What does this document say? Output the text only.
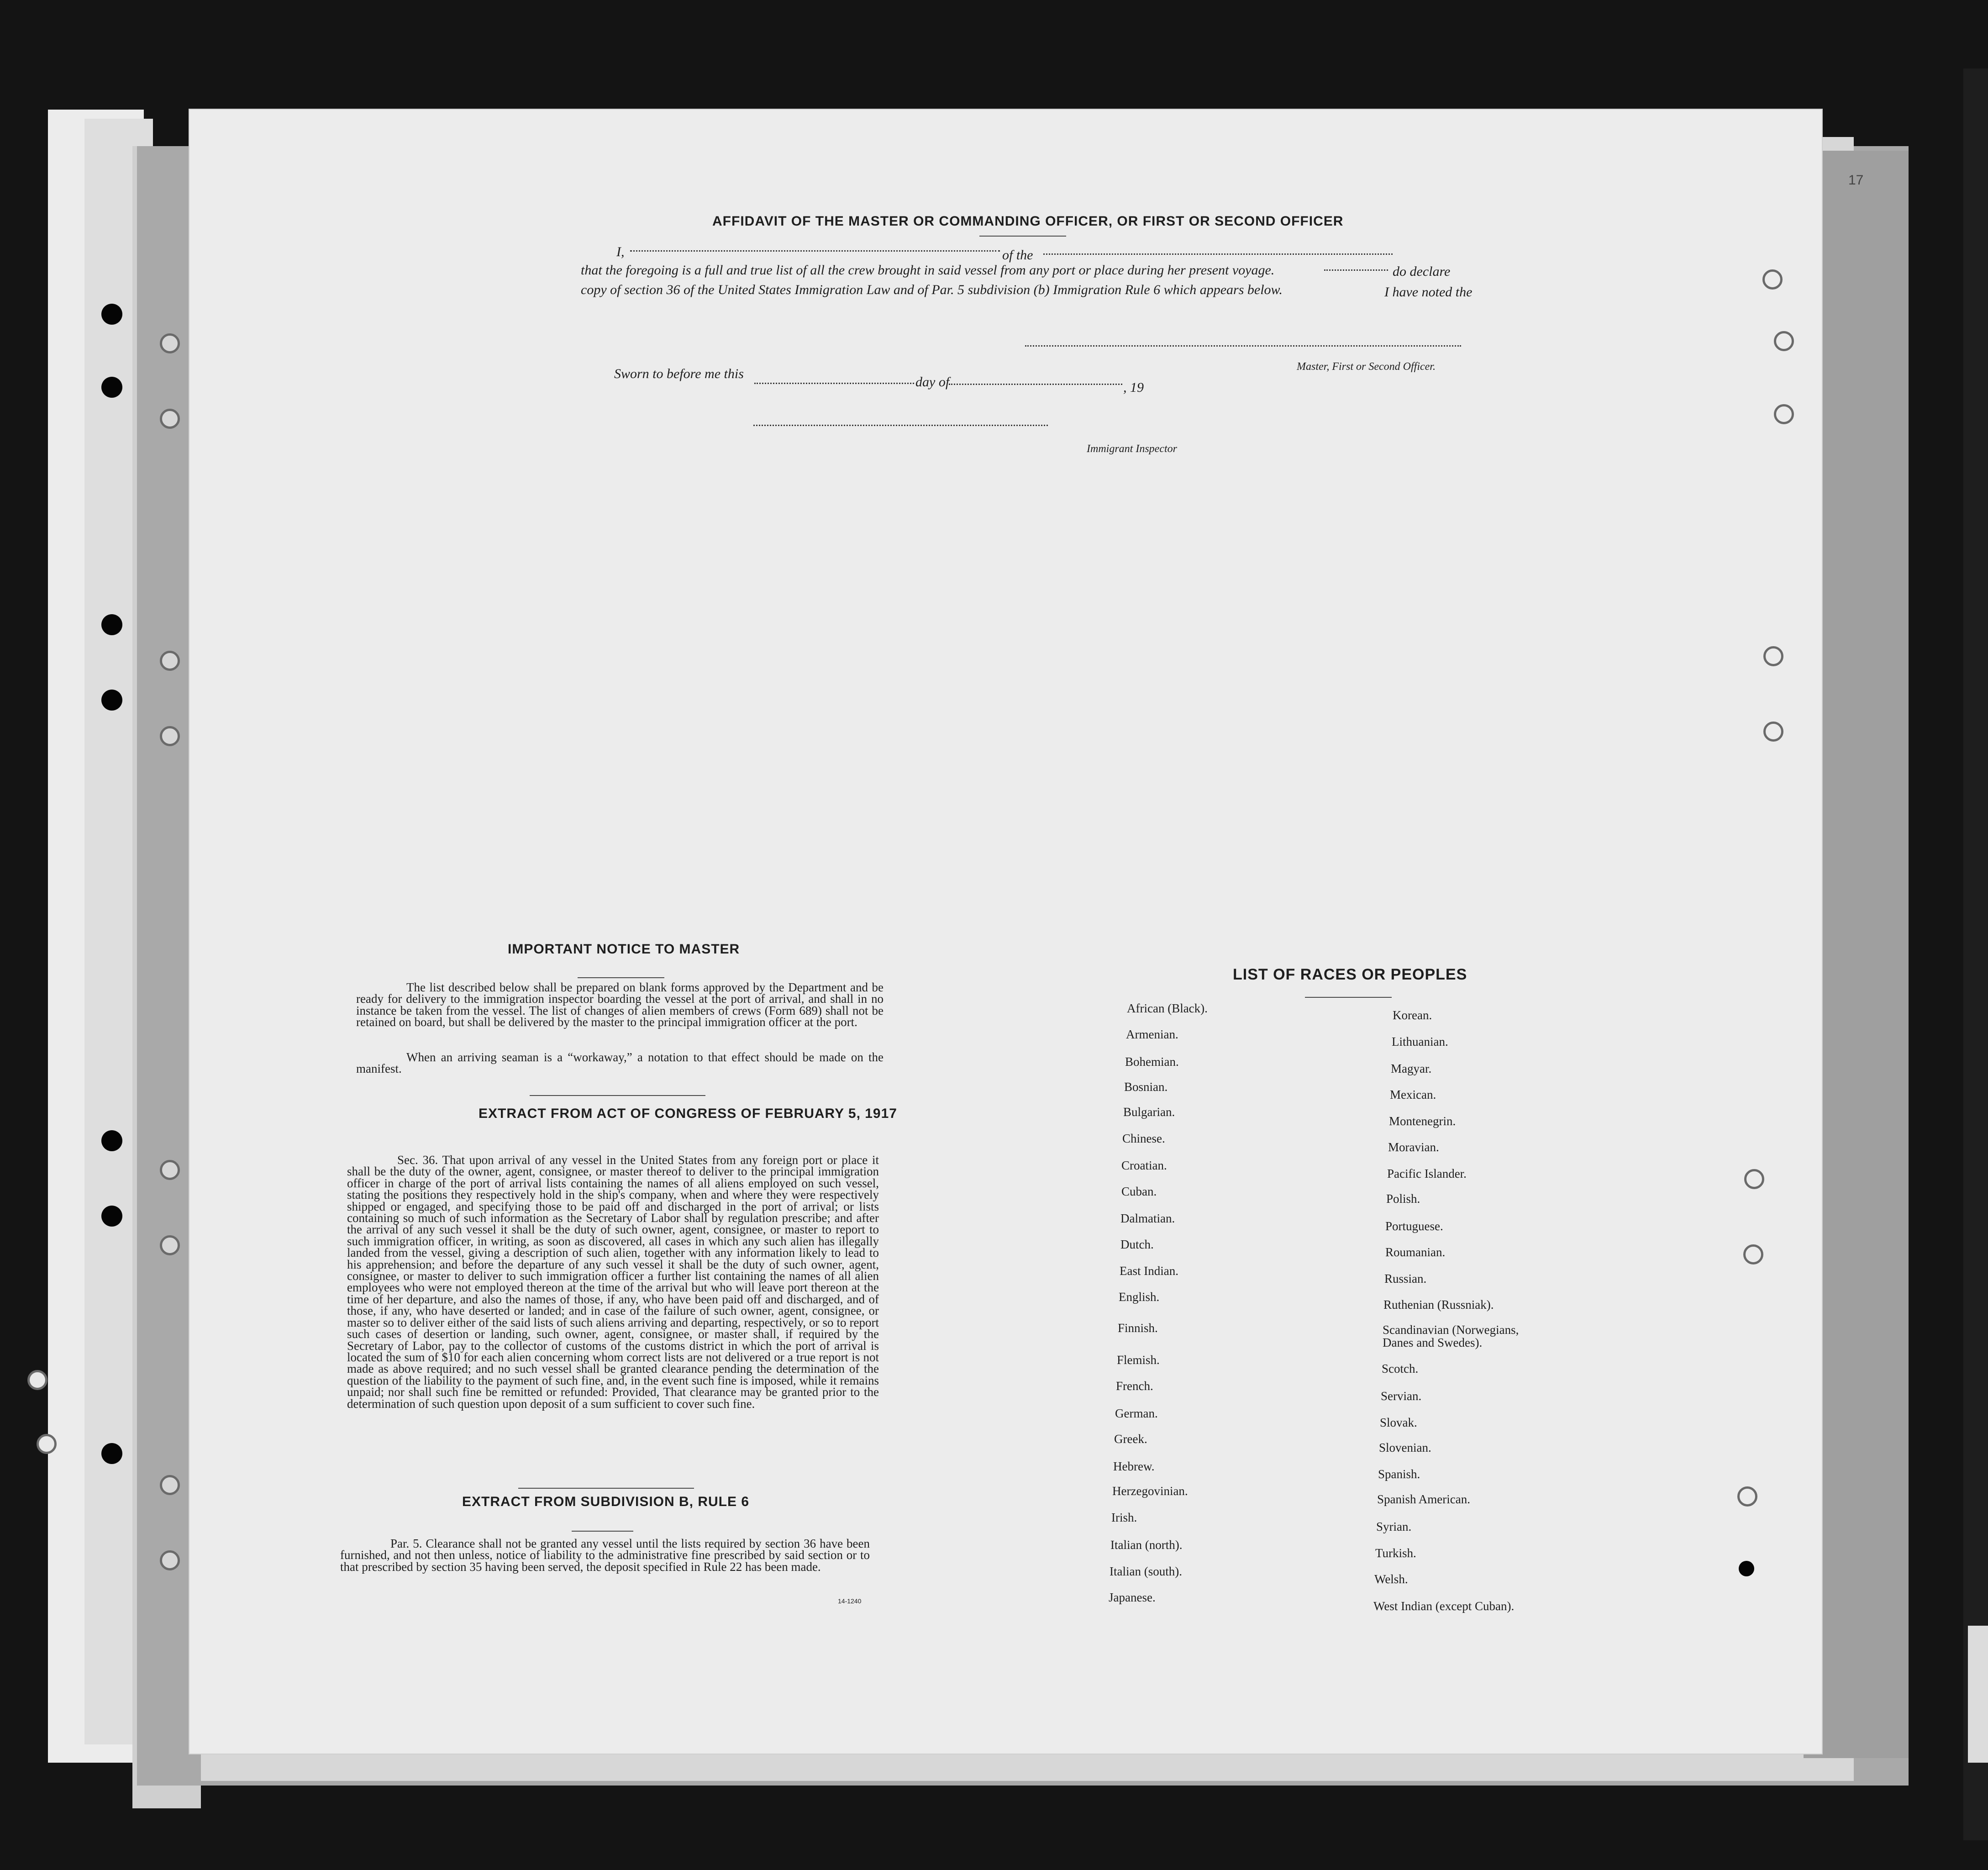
17
AFFIDAVIT OF THE MASTER OR COMMANDING OFFICER, OR FIRST OR SECOND OFFICER
I,	of the
that the foregoing is a full and true list of all the crew brought in said vessel from any port or place during her present voyage.	do declare
copy of section 36 of the United States Immigration Law and of Par. 5 subdivision (b) Immigration Rule 6 which appears below.	I have noted the
Master, First or Second Officer.
Sworn to before me this
day of	, 19
Immigrant Inspector
IMPORTANT NOTICE TO MASTER
The list described below shall be prepared on blank forms approved by the Department and be ready for delivery to the immigration inspector boarding the vessel at the port of arrival, and shall in no instance be taken from the vessel. The list of changes of alien members of crews (Form 689) shall not be retained on board, but shall be delivered by the master to the principal immigration officer at the port.
When an arriving seaman is a “workaway,” a notation to that effect should be made on the manifest.
EXTRACT FROM ACT OF CONGRESS OF FEBRUARY 5, 1917
Sec. 36. That upon arrival of any vessel in the United States from any foreign port or place it shall be the duty of the owner, agent, consignee, or master thereof to deliver to the principal immigration officer in charge of the port of arrival lists containing the names of all aliens employed on such vessel, stating the positions they respectively hold in the ship's company, when and where they were respectively shipped or engaged, and specifying those to be paid off and discharged in the port of arrival; or lists containing so much of such information as the Secretary of Labor shall by regulation prescribe; and after the arrival of any such vessel it shall be the duty of such owner, agent, consignee, or master to report to such immigration officer, in writing, as soon as discovered, all cases in which any such alien has illegally landed from the vessel, giving a description of such alien, together with any information likely to lead to his apprehension; and before the departure of any such vessel it shall be the duty of such owner, agent, consignee, or master to deliver to such immigration officer a further list containing the names of all alien employees who were not employed thereon at the time of the arrival but who will leave port thereon at the time of her departure, and also the names of those, if any, who have been paid off and discharged, and of those, if any, who have deserted or landed; and in case of the failure of such owner, agent, consignee, or master so to deliver either of the said lists of such aliens arriving and departing, respectively, or so to report such cases of desertion or landing, such owner, agent, consignee, or master shall, if required by the Secretary of Labor, pay to the collector of customs of the customs district in which the port of arrival is located the sum of $10 for each alien concerning whom correct lists are not delivered or a true report is not made as above required; and no such vessel shall be granted clearance pending the determination of the question of the liability to the payment of such fine, and, in the event such fine is imposed, while it remains unpaid; nor shall such fine be remitted or refunded: Provided, That clearance may be granted prior to the determination of such question upon deposit of a sum sufficient to cover such fine.
EXTRACT FROM SUBDIVISION B, RULE 6
Par. 5. Clearance shall not be granted any vessel until the lists required by section 36 have been furnished, and not then unless, notice of liability to the administrative fine prescribed by said section or to that prescribed by section 35 having been served, the deposit specified in Rule 22 has been made.
14-1240
LIST OF RACES OR PEOPLES
African (Black).
Armenian.
Bohemian.
Bosnian.
Bulgarian.
Chinese.
Croatian.
Cuban.
Dalmatian.
Dutch.
East Indian.
English.
Finnish.
Flemish.
French.
German.
Greek.
Hebrew.
Herzegovinian.
Irish.
Italian (north).
Italian (south).
Japanese.
Korean.
Lithuanian.
Magyar.
Mexican.
Montenegrin.
Moravian.
Pacific Islander.
Polish.
Portuguese.
Roumanian.
Russian.
Ruthenian (Russniak).
Scandinavian (Norwegians, Danes and Swedes).
Scotch.
Servian.
Slovak.
Slovenian.
Spanish.
Spanish American.
Syrian.
Turkish.
Welsh.
West Indian (except Cuban).
